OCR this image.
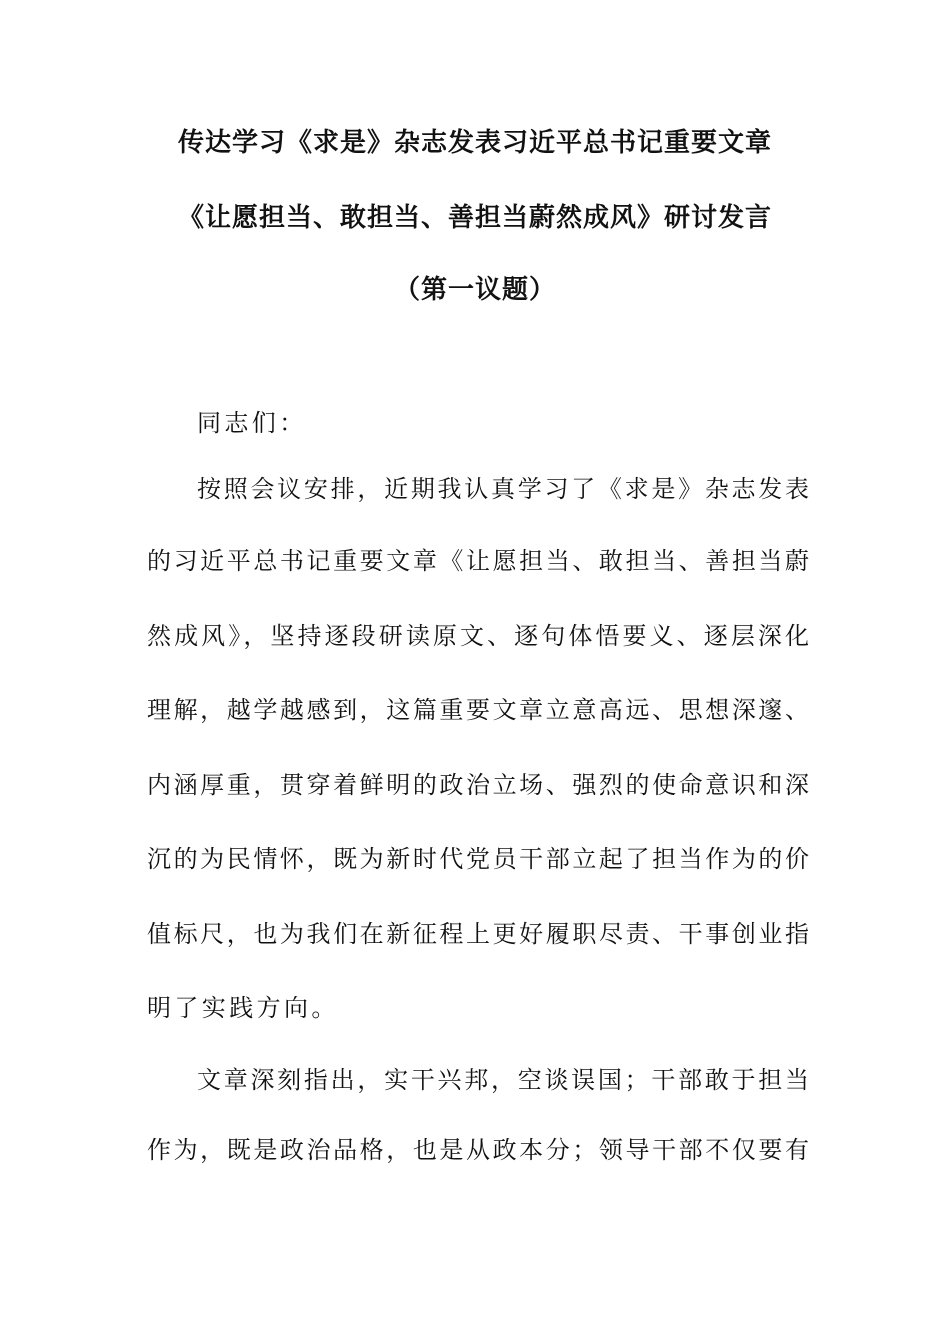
传达学习《求是》杂志发表习近平总书记重要文章
《让愿担当、敢担当、善担当蔚然成风》研讨发言
（第一议题）
同志们：
按照会议安排，近期我认真学习了《求是》杂志发表
的习近平总书记重要文章《让愿担当、敢担当、善担当蔚
然成风》，坚持逐段研读原文、逐句体悟要义、逐层深化
理解，越学越感到，这篇重要文章立意高远、思想深邃、
内涵厚重，贯穿着鲜明的政治立场、强烈的使命意识和深
沉的为民情怀，既为新时代党员干部立起了担当作为的价
值标尺，也为我们在新征程上更好履职尽责、干事创业指
明了实践方向。
文章深刻指出，实干兴邦，空谈误国；干部敢于担当
作为，既是政治品格，也是从政本分；领导干部不仅要有
